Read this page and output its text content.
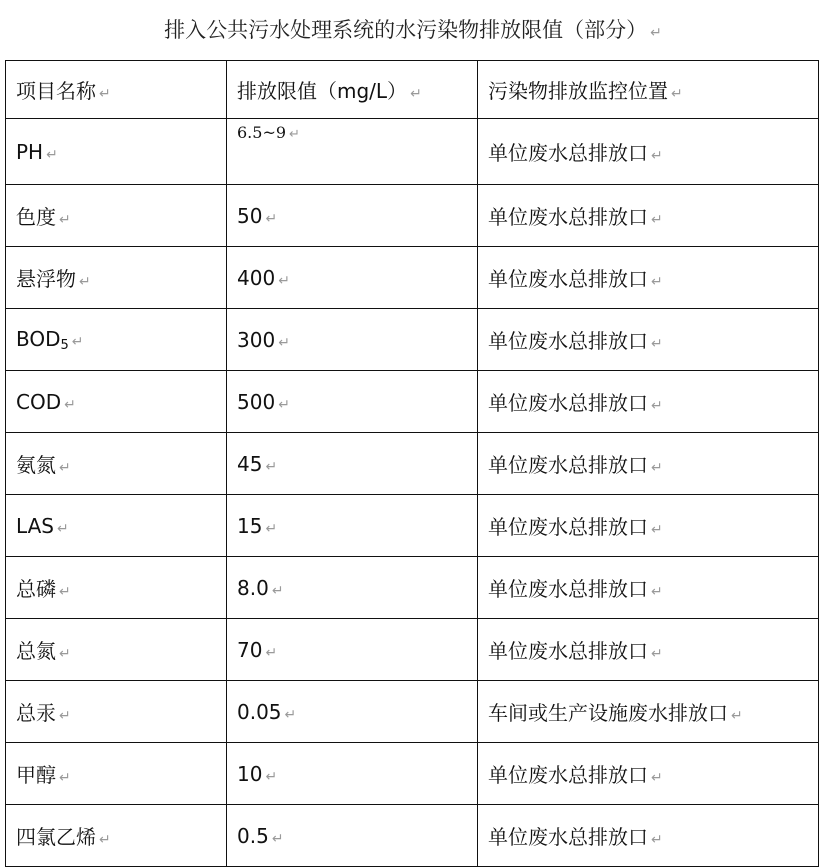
排入公共污水处理系统的水污染物排放限值（部分） ↵
项目名称 ↵	排放限值（mg/L） ↵	污染物排放监控位置 ↵
PH ↵	6.5~9 ↵	单位废水总排放口 ↵
色度 ↵	50 ↵	单位废水总排放口 ↵
悬浮物 ↵	400 ↵	单位废水总排放口 ↵
$BOD_5$ ↵	300 ↵	单位废水总排放口 ↵
COD ↵	500 ↵	单位废水总排放口 ↵
氨氮 ↵	45 ↵	单位废水总排放口 ↵
LAS ↵	15 ↵	单位废水总排放口 ↵
总磷 ↵	8.0 ↵	单位废水总排放口 ↵
总氮 ↵	70 ↵	单位废水总排放口 ↵
总汞 ↵	0.05 ↵	车间或生产设施废水排放口 ↵
甲醇 ↵	10 ↵	单位废水总排放口 ↵
四氯乙烯 ↵	0.5 ↵	单位废水总排放口 ↵
